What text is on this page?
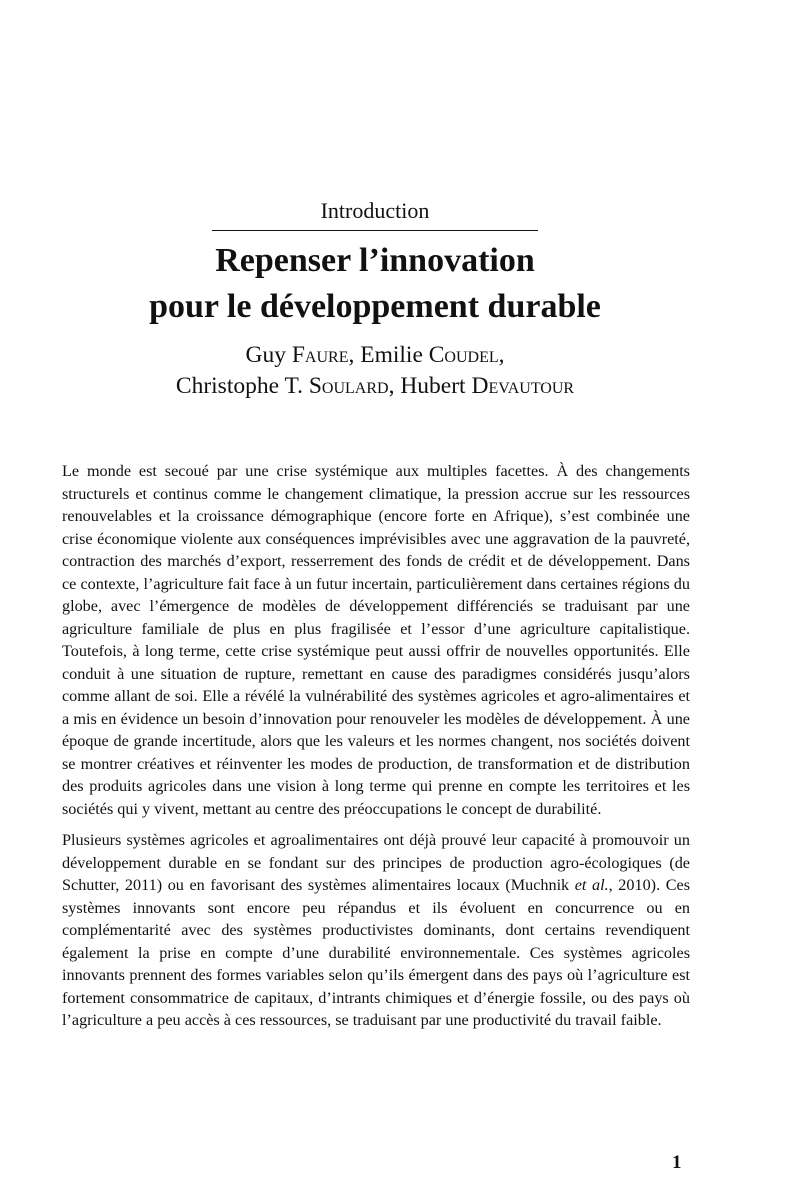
Introduction
Repenser l’innovation
pour le développement durable
Guy Faure, Emilie Coudel,
Christophe T. Soulard, Hubert Devautour

Le monde est secoué par une crise systémique aux multiples facettes. À des changements structurels et continus comme le changement climatique, la pression accrue sur les ressources renouvelables et la croissance démographique (encore forte en Afrique), s’est combinée une crise économique violente aux conséquences imprévisibles avec une aggravation de la pauvreté, contraction des marchés d’export, resserrement des fonds de crédit et de développement. Dans ce contexte, l’agriculture fait face à un futur incertain, particulièrement dans certaines régions du globe, avec l’émergence de modèles de développement différenciés se traduisant par une agriculture familiale de plus en plus fragilisée et l’essor d’une agriculture capitalistique. Toutefois, à long terme, cette crise systémique peut aussi offrir de nouvelles opportunités. Elle conduit à une situation de rupture, remettant en cause des paradigmes considérés jusqu’alors comme allant de soi. Elle a révélé la vulnérabilité des systèmes agricoles et agro-alimentaires et a mis en évidence un besoin d’innovation pour renouveler les modèles de développement. À une époque de grande incertitude, alors que les valeurs et les normes changent, nos sociétés doivent se montrer créatives et réinventer les modes de production, de transformation et de distribution des produits agricoles dans une vision à long terme qui prenne en compte les territoires et les sociétés qui y vivent, mettant au centre des préoccupations le concept de durabilité.

Plusieurs systèmes agricoles et agroalimentaires ont déjà prouvé leur capacité à promouvoir un développement durable en se fondant sur des principes de production agro-écologiques (de Schutter, 2011) ou en favorisant des systèmes alimentaires locaux (Muchnik et al., 2010). Ces systèmes innovants sont encore peu répandus et ils évoluent en concurrence ou en complémentarité avec des systèmes productivistes dominants, dont certains revendiquent également la prise en compte d’une durabilité environnementale. Ces systèmes agricoles innovants prennent des formes variables selon qu’ils émergent dans des pays où l’agriculture est fortement consommatrice de capitaux, d’intrants chimiques et d’énergie fossile, ou des pays où l’agriculture a peu accès à ces ressources, se traduisant par une productivité du travail faible.

1
